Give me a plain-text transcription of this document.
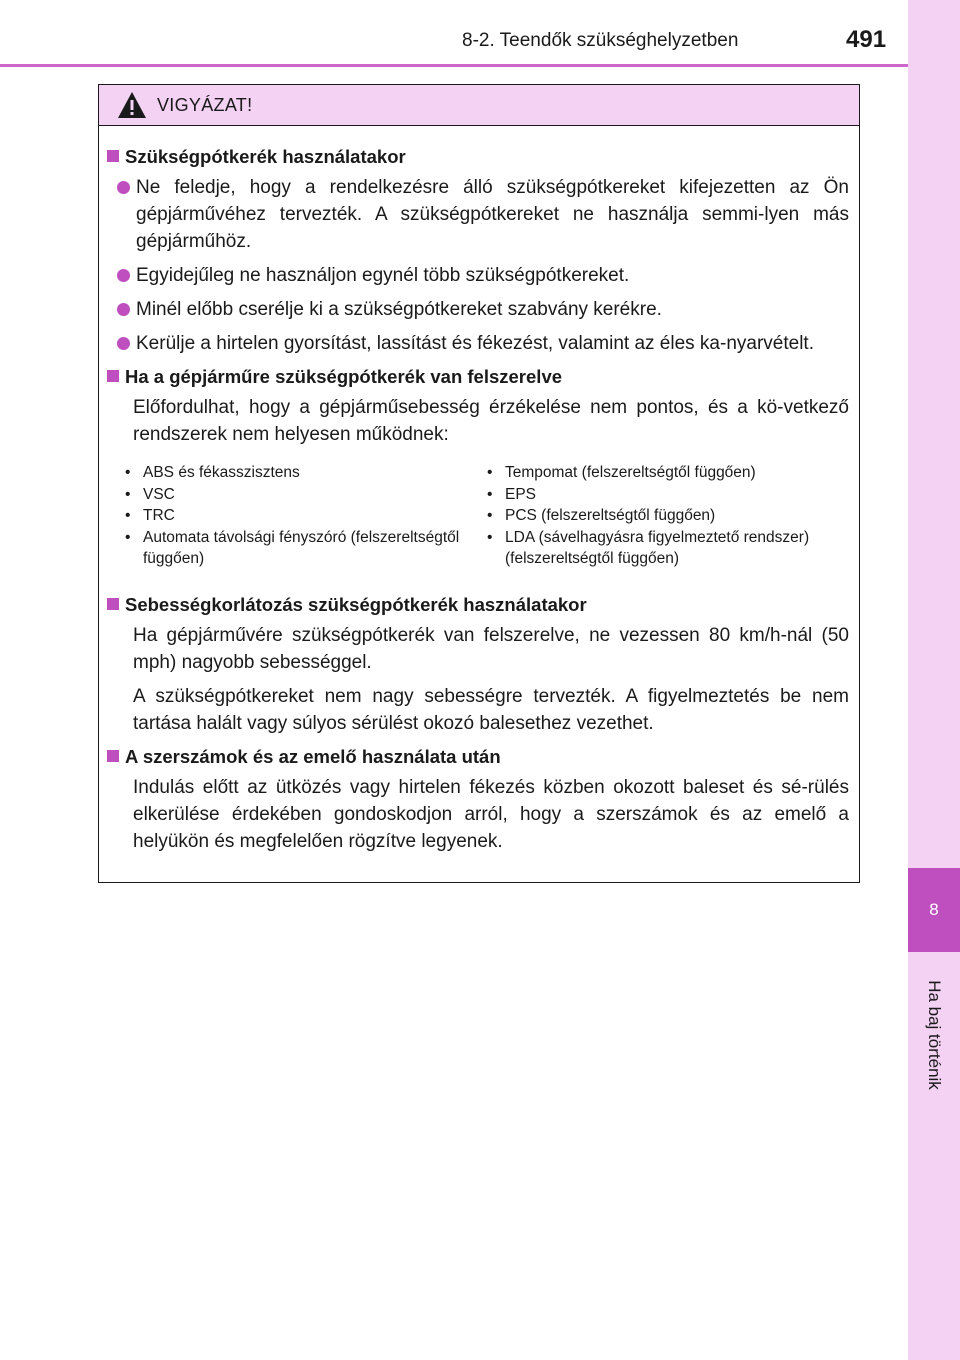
8-2. Teendők szükséghelyzetben	491
8
Ha baj történik
VIGYÁZAT!
Szükségpótkerék használatakor
Ne feledje, hogy a rendelkezésre álló szükségpótkereket kifejezetten az Ön gépjárművéhez tervezték. A szükségpótkereket ne használja semmi-lyen más gépjárműhöz.
Egyidejűleg ne használjon egynél több szükségpótkereket.
Minél előbb cserélje ki a szükségpótkereket szabvány kerékre.
Kerülje a hirtelen gyorsítást, lassítást és fékezést, valamint az éles ka-nyarvételt.
Ha a gépjárműre szükségpótkerék van felszerelve
Előfordulhat, hogy a gépjárműsebesség érzékelése nem pontos, és a kö-vetkező rendszerek nem helyesen működnek:
• ABS és fékasszisztens
• VSC
• TRC
• Automata távolsági fényszóró (felszereltségtől függően)
• Tempomat (felszereltségtől függően)
• EPS
• PCS (felszereltségtől függően)
• LDA (sávelhagyásra figyelmeztető rendszer) (felszereltségtől függően)
Sebességkorlátozás szükségpótkerék használatakor
Ha gépjárművére szükségpótkerék van felszerelve, ne vezessen 80 km/h-nál (50 mph) nagyobb sebességgel.
A szükségpótkereket nem nagy sebességre tervezték. A figyelmeztetés be nem tartása halált vagy súlyos sérülést okozó balesethez vezethet.
A szerszámok és az emelő használata után
Indulás előtt az ütközés vagy hirtelen fékezés közben okozott baleset és sé-rülés elkerülése érdekében gondoskodjon arról, hogy a szerszámok és az emelő a helyükön és megfelelően rögzítve legyenek.
